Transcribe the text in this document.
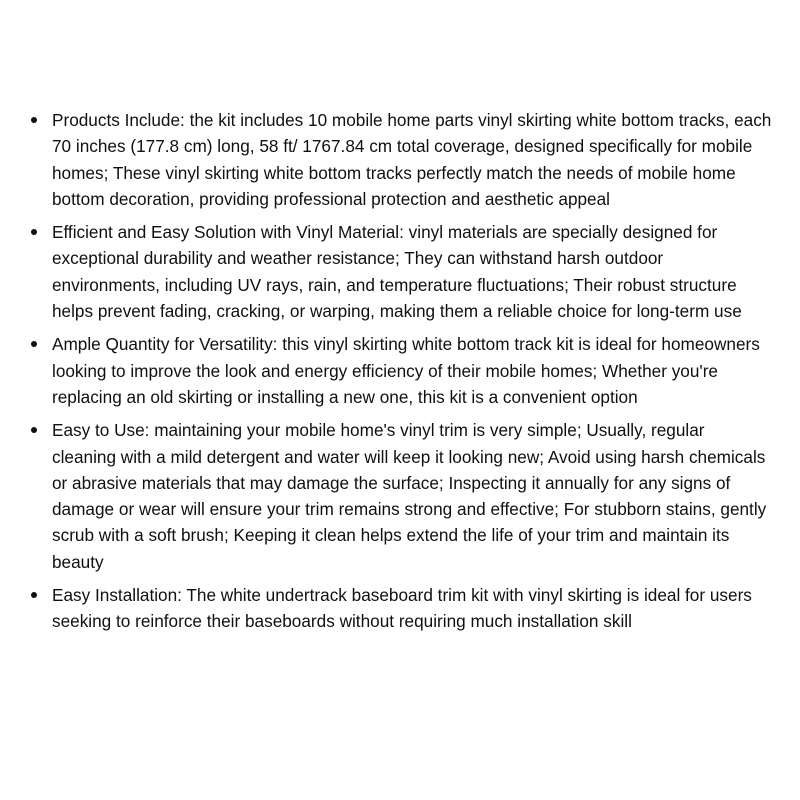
Products Include: the kit includes 10 mobile home parts vinyl skirting white bottom tracks, each 70 inches (177.8 cm) long, 58 ft/ 1767.84 cm total coverage, designed specifically for mobile homes; These vinyl skirting white bottom tracks perfectly match the needs of mobile home bottom decoration, providing professional protection and aesthetic appeal
Efficient and Easy Solution with Vinyl Material: vinyl materials are specially designed for exceptional durability and weather resistance; They can withstand harsh outdoor environments, including UV rays, rain, and temperature fluctuations; Their robust structure helps prevent fading, cracking, or warping, making them a reliable choice for long-term use
Ample Quantity for Versatility: this vinyl skirting white bottom track kit is ideal for homeowners looking to improve the look and energy efficiency of their mobile homes; Whether you're replacing an old skirting or installing a new one, this kit is a convenient option
Easy to Use: maintaining your mobile home's vinyl trim is very simple; Usually, regular cleaning with a mild detergent and water will keep it looking new; Avoid using harsh chemicals or abrasive materials that may damage the surface; Inspecting it annually for any signs of damage or wear will ensure your trim remains strong and effective; For stubborn stains, gently scrub with a soft brush; Keeping it clean helps extend the life of your trim and maintain its beauty
Easy Installation: The white undertrack baseboard trim kit with vinyl skirting is ideal for users seeking to reinforce their baseboards without requiring much installation skill
